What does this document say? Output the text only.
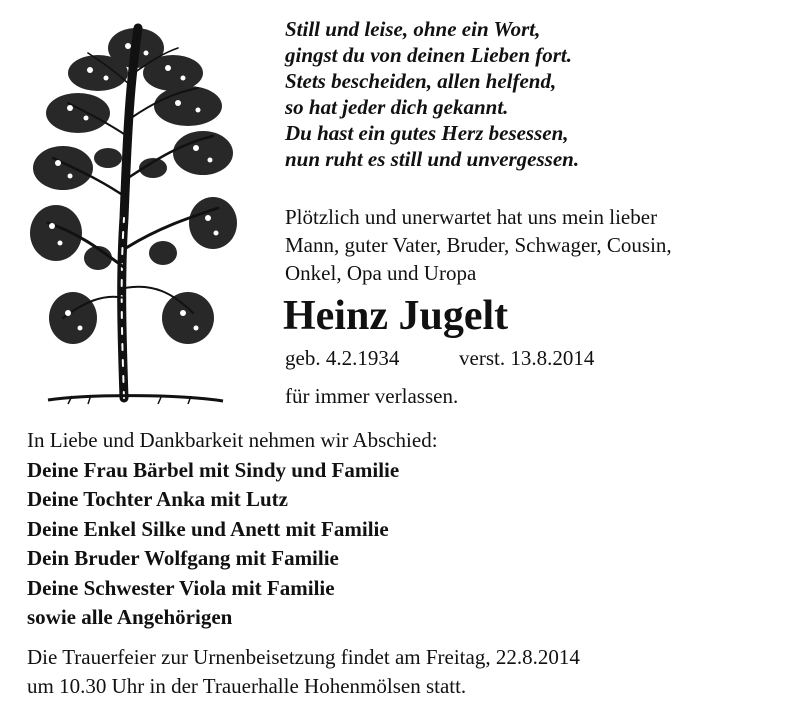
Still und leise, ohne ein Wort,
gingst du von deinen Lieben fort.
Stets bescheiden, allen helfend,
so hat jeder dich gekannt.
Du hast ein gutes Herz besessen,
nun ruht es still und unvergessen.
Plötzlich und unerwartet hat uns mein lieber
Mann, guter Vater, Bruder, Schwager, Cousin,
Onkel, Opa und Uropa
Heinz Jugelt
geb. 4.2.1934	verst. 13.8.2014
für immer verlassen.
In Liebe und Dankbarkeit nehmen wir Abschied:
Deine Frau Bärbel mit Sindy und Familie
Deine Tochter Anka mit Lutz
Deine Enkel Silke und Anett mit Familie
Dein Bruder Wolfgang mit Familie
Deine Schwester Viola mit Familie
sowie alle Angehörigen
Die Trauerfeier zur Urnenbeisetzung findet am Freitag, 22.8.2014
um 10.30 Uhr in der Trauerhalle Hohenmölsen statt.
